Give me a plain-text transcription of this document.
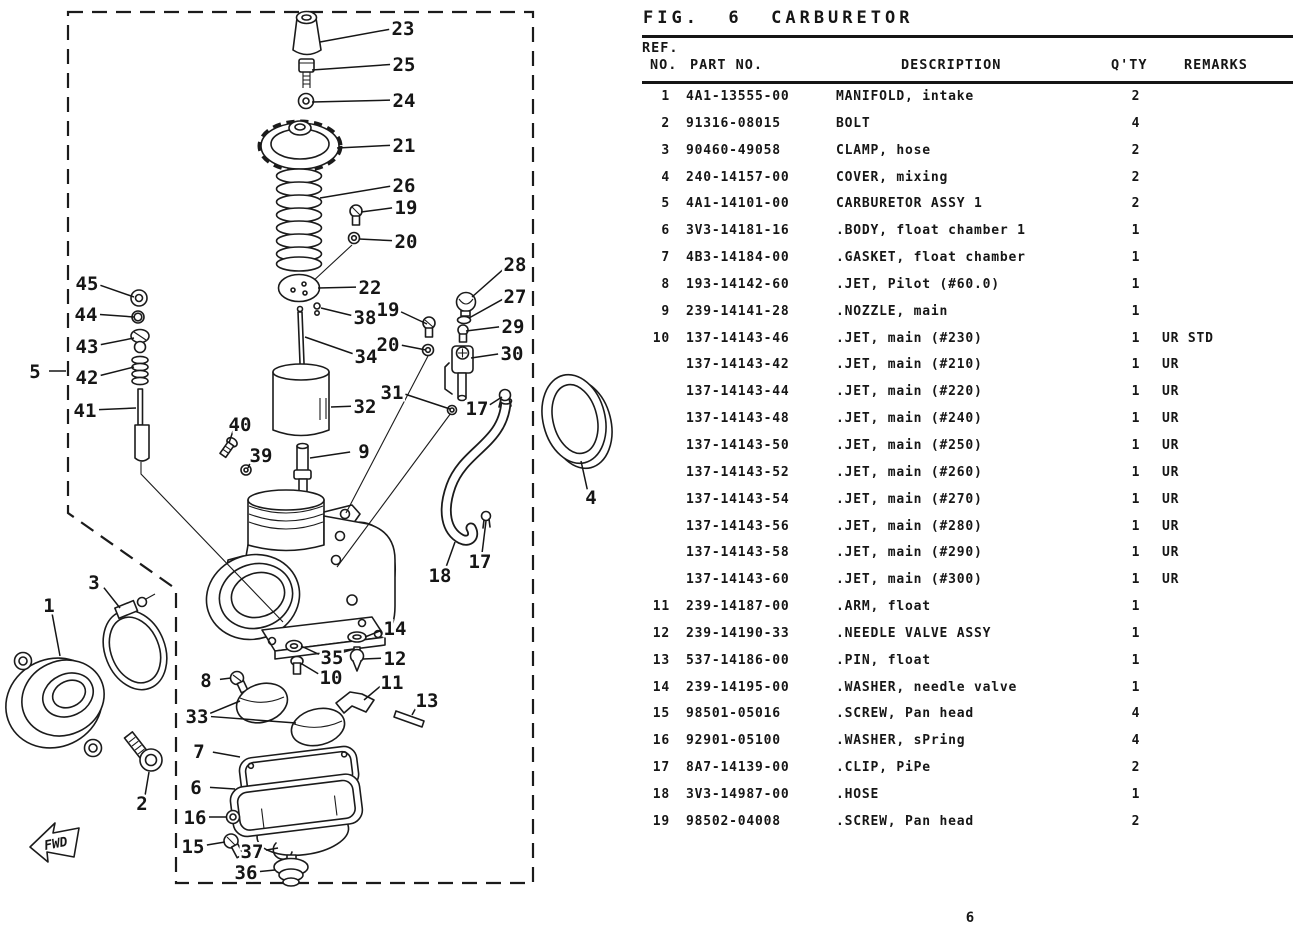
FWD
23
25
24
21
26
19
20
22
38 19
20
34
32
31
9
40
39
45
44
43
42
41
5
28
27
29
30
17
4
18
17
3
1
2
14
35 12
10 11
13
8
33
7
6
16
15 37
36
FIG.  6  CARBURETOR
REF.
NO. PART NO.	DESCRIPTION	Q'TY	REMARKS
1 4A1-13555-00	MANIFOLD, intake	2
2 91316-08015	BOLT	4
3 90460-49058	CLAMP, hose	2
4 240-14157-00	COVER, mixing	2
5 4A1-14101-00	CARBURETOR ASSY 1	2
6 3V3-14181-16	.BODY, float chamber 1	1
7 4B3-14184-00	.GASKET, float chamber	1
8 193-14142-60	.JET, Pilot (#60.0)	1
9 239-14141-28	.NOZZLE, main	1
10 137-14143-46	.JET, main (#230)	1	UR STD
137-14143-42	.JET, main (#210)	1	UR
137-14143-44	.JET, main (#220)	1	UR
137-14143-48	.JET, main (#240)	1	UR
137-14143-50	.JET, main (#250)	1	UR
137-14143-52	.JET, main (#260)	1	UR
137-14143-54	.JET, main (#270)	1	UR
137-14143-56	.JET, main (#280)	1	UR
137-14143-58	.JET, main (#290)	1	UR
137-14143-60	.JET, main (#300)	1	UR
11 239-14187-00	.ARM, float	1
12 239-14190-33	.NEEDLE VALVE ASSY	1
13 537-14186-00	.PIN, float	1
14 239-14195-00	.WASHER, needle valve	1
15 98501-05016	.SCREW, Pan head	4
16 92901-05100	.WASHER, sPring	4
17 8A7-14139-00	.CLIP, PiPe	2
18 3V3-14987-00	.HOSE	1
19 98502-04008	.SCREW, Pan head	2
6
